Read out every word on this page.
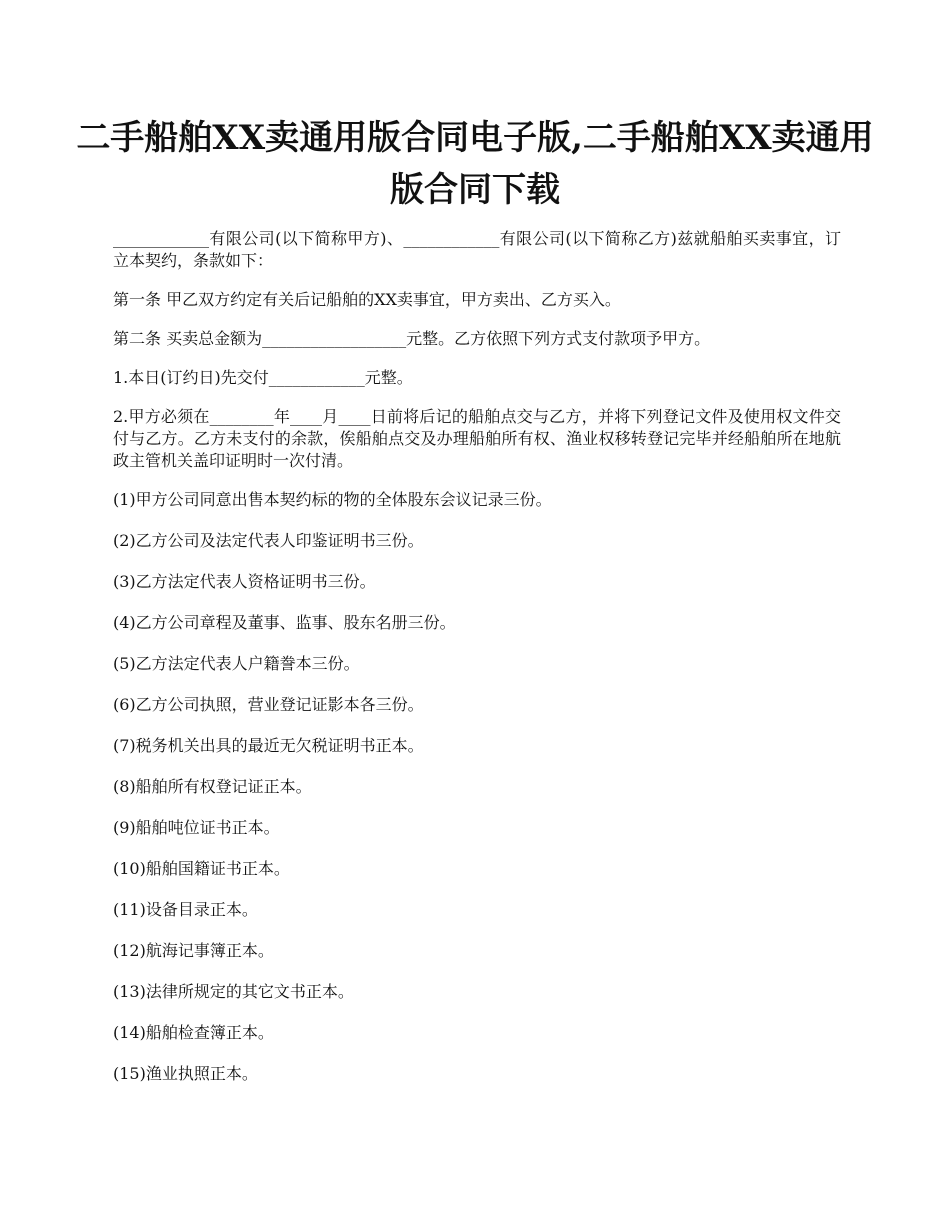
二手船舶XX卖通用版合同电子版,二手船舶XX卖通用版合同下载

____________有限公司(以下简称甲方)、____________有限公司(以下简称乙方)兹就船舶买卖事宜，订立本契约，条款如下：

第一条 甲乙双方约定有关后记船舶的XX卖事宜，甲方卖出、乙方买入。

第二条 买卖总金额为__________________元整。乙方依照下列方式支付款项予甲方。

1.本日(订约日)先交付____________元整。

2.甲方必须在________年____月____日前将后记的船舶点交与乙方，并将下列登记文件及使用权文件交付与乙方。乙方未支付的余款，俟船舶点交及办理船舶所有权、渔业权移转登记完毕并经船舶所在地航政主管机关盖印证明时一次付清。

(1)甲方公司同意出售本契约标的物的全体股东会议记录三份。

(2)乙方公司及法定代表人印鉴证明书三份。

(3)乙方法定代表人资格证明书三份。

(4)乙方公司章程及董事、监事、股东名册三份。

(5)乙方法定代表人户籍誊本三份。

(6)乙方公司执照，营业登记证影本各三份。

(7)税务机关出具的最近无欠税证明书正本。

(8)船舶所有权登记证正本。

(9)船舶吨位证书正本。

(10)船舶国籍证书正本。

(11)设备目录正本。

(12)航海记事簿正本。

(13)法律所规定的其它文书正本。

(14)船舶检查簿正本。

(15)渔业执照正本。
